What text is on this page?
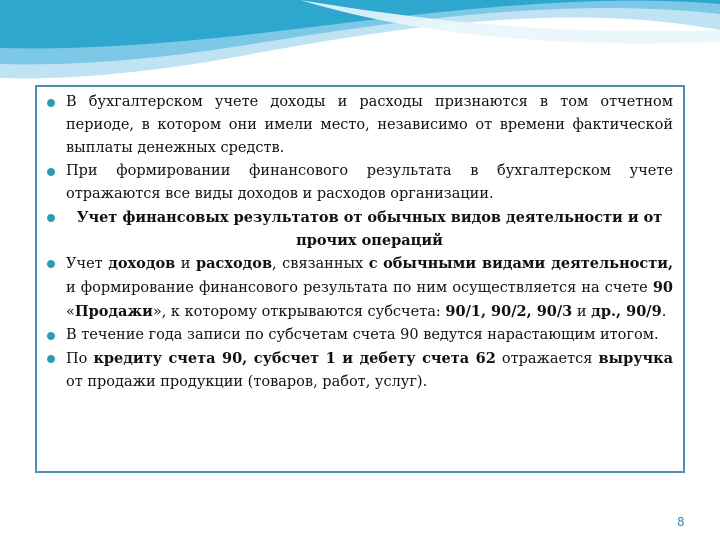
В бухгалтерском учете доходы и расходы признаются в том отчетном периоде, в котором они имели место, независимо от времени фактической выплаты денежных средств.
При формировании финансового результата в бухгалтерском учете отражаются все виды доходов и расходов организации.
Учет финансовых результатов от обычных видов деятельности и от прочих операций
Учет доходов и расходов, связанных с обычными видами деятельности, и формирование финансового результата по ним осуществляется на счете 90 «Продажи», к которому открываются субсчета: 90/1, 90/2, 90/3 и др., 90/9.
В течение года записи по субсчетам счета 90 ведутся нарастающим итогом.
По кредиту счета 90, субсчет 1 и дебету счета 62 отражается выручка от продажи продукции (товаров, работ, услуг).
8
